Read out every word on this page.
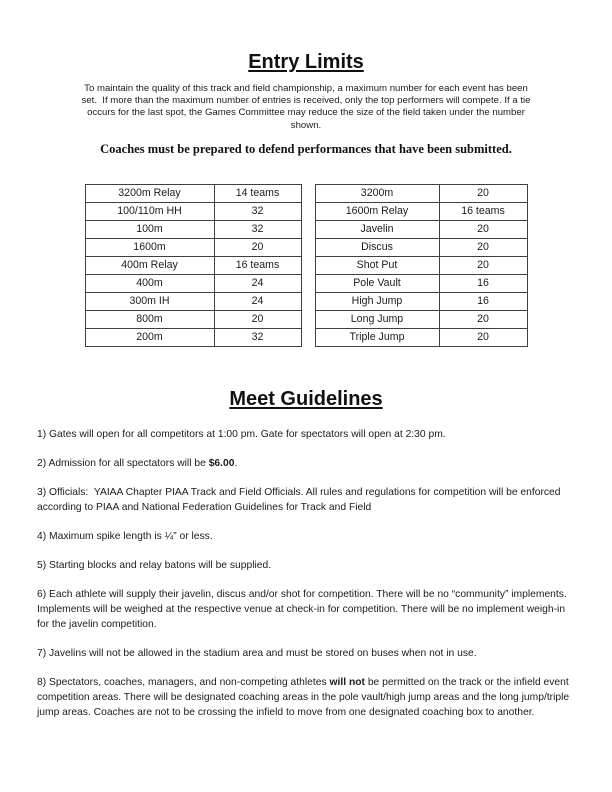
Entry Limits

To maintain the quality of this track and field championship, a maximum number for each event has been set.  If more than the maximum number of entries is received, only the top performers will compete. If a tie occurs for the last spot, the Games Committee may reduce the size of the field taken under the number shown.

Coaches must be prepared to defend performances that have been submitted.

3200m Relay	14 teams
100/110m HH	32
100m	32
1600m	20
400m Relay	16 teams
400m	24
300m IH	24
800m	20
200m	32
3200m	20
1600m Relay	16 teams
Javelin	20
Discus	20
Shot Put	20
Pole Vault	16
High Jump	16
Long Jump	20
Triple Jump	20
Meet Guidelines

1) Gates will open for all competitors at 1:00 pm. Gate for spectators will open at 2:30 pm.

2) Admission for all spectators will be $6.00.

3) Officials:  YAIAA Chapter PIAA Track and Field Officials. All rules and regulations for competition will be enforced according to PIAA and National Federation Guidelines for Track and Field

4) Maximum spike length is ¼” or less.

5) Starting blocks and relay batons will be supplied.

6) Each athlete will supply their javelin, discus and/or shot for competition. There will be no “community” implements. Implements will be weighed at the respective venue at check-in for competition. There will be no implement weigh-in for the javelin competition.

7) Javelins will not be allowed in the stadium area and must be stored on buses when not in use.

8) Spectators, coaches, managers, and non-competing athletes will not be permitted on the track or the infield event competition areas. There will be designated coaching areas in the pole vault/high jump areas and the long jump/triple jump areas. Coaches are not to be crossing the infield to move from one designated coaching box to another.
